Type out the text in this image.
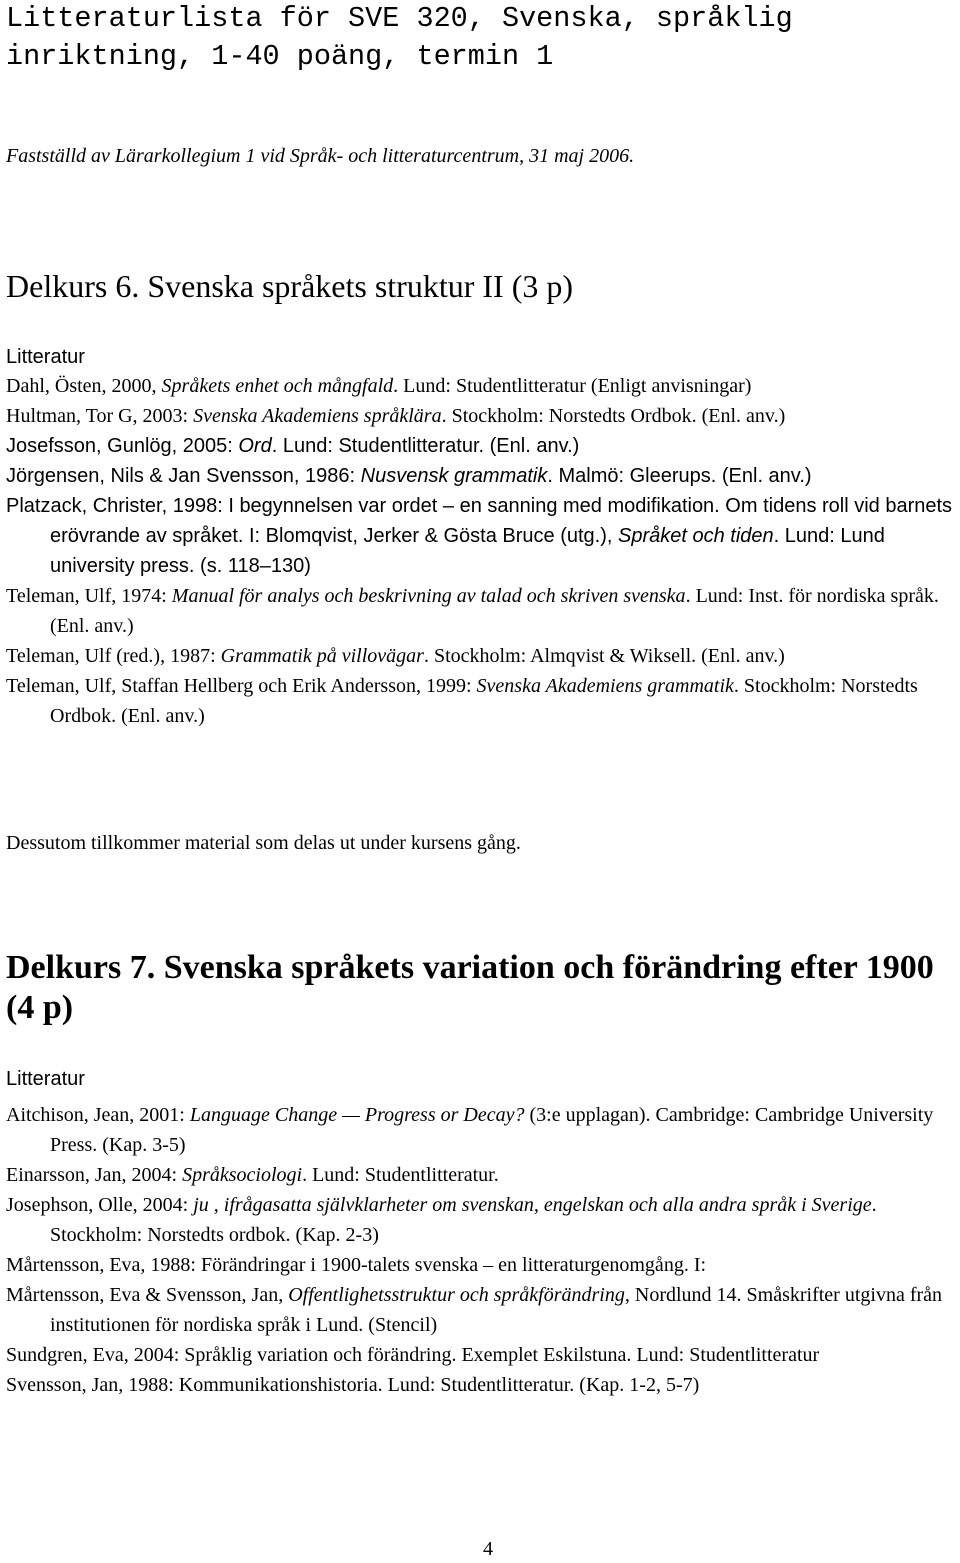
Litteraturlista för SVE 320, Svenska, språklig inriktning, 1-40 poäng, termin 1

Fastställd av Lärarkollegium 1 vid Språk- och litteraturcentrum, 31 maj 2006.

Delkurs 6. Svenska språkets struktur II (3 p)

Litteratur

Dahl, Östen, 2000, Språkets enhet och mångfald. Lund: Studentlitteratur (Enligt anvisningar)
Hultman, Tor G, 2003: Svenska Akademiens språklära. Stockholm: Norstedts Ordbok. (Enl. anv.)
Josefsson, Gunlög, 2005: Ord. Lund: Studentlitteratur. (Enl. anv.)
Jörgensen, Nils & Jan Svensson, 1986: Nusvensk grammatik. Malmö: Gleerups. (Enl. anv.)
Platzack, Christer, 1998: I begynnelsen var ordet – en sanning med modifikation. Om tidens roll vid barnets erövrande av språket. I: Blomqvist, Jerker & Gösta Bruce (utg.), Språket och tiden. Lund: Lund university press. (s. 118–130)
Teleman, Ulf, 1974: Manual för analys och beskrivning av talad och skriven svenska. Lund: Inst. för nordiska språk. (Enl. anv.)
Teleman, Ulf (red.), 1987: Grammatik på villovägar. Stockholm: Almqvist & Wiksell. (Enl. anv.)
Teleman, Ulf, Staffan Hellberg och Erik Andersson, 1999: Svenska Akademiens grammatik. Stockholm: Norstedts Ordbok. (Enl. anv.)

Dessutom tillkommer material som delas ut under kursens gång.

Delkurs 7. Svenska språkets variation och förändring efter 1900 (4 p)

Litteratur

Aitchison, Jean, 2001: Language Change — Progress or Decay? (3:e upplagan). Cambridge: Cambridge University Press. (Kap. 3-5)
Einarsson, Jan, 2004: Språksociologi. Lund: Studentlitteratur.
Josephson, Olle, 2004: ju , ifrågasatta självklarheter om svenskan, engelskan och alla andra språk i Sverige. Stockholm: Norstedts ordbok. (Kap. 2-3)
Mårtensson, Eva, 1988: Förändringar i 1900-talets svenska – en litteraturgenomgång. I:
Mårtensson, Eva & Svensson, Jan, Offentlighetsstruktur och språkförändring, Nordlund 14. Småskrifter utgivna från institutionen för nordiska språk i Lund. (Stencil)
Sundgren, Eva, 2004: Språklig variation och förändring. Exemplet Eskilstuna. Lund: Studentlitteratur
Svensson, Jan, 1988: Kommunikationshistoria. Lund: Studentlitteratur. (Kap. 1-2, 5-7)

4
